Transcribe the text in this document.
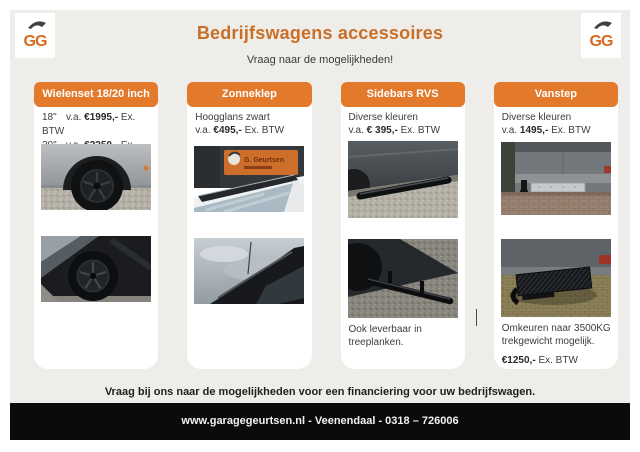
GG	GG
Bedrijfswagens accessoires
Vraag naar de mogelijkheden!
Wielenset 18/20 inch
18" v.a. €1995,- Ex. BTW
Zonneklep
Hoogglans zwart
v.a. €495,- Ex. BTW
G. Geurtsen
Sidebars RVS
Diverse kleuren
v.a. € 395,- Ex. BTW
Ook leverbaar in treeplanken.
Vanstep
Diverse kleuren
v.a. 1495,- Ex. BTW
Omkeuren naar 3500KG
trekgewicht mogelijk.
€1250,- Ex. BTW
Vraag bij ons naar de mogelijkheden voor een financiering voor uw bedrijfswagen.
www.garagegeurtsen.nl - Veenendaal - 0318 – 726006
